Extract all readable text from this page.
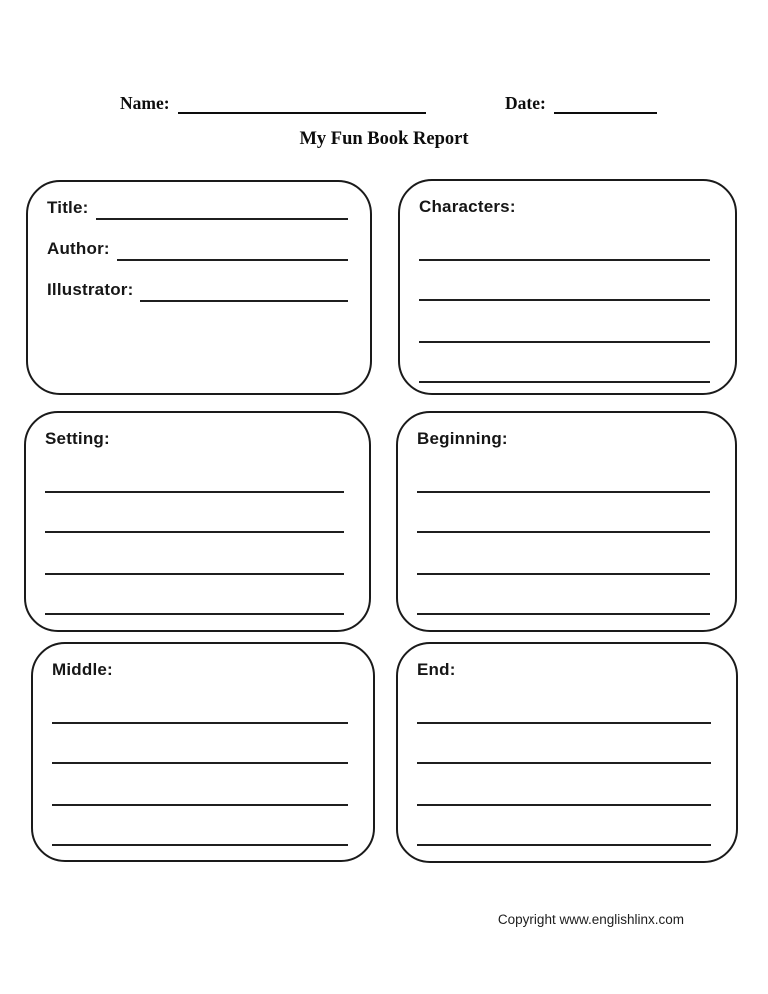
Name:	Date:
My Fun Book Report
Title:
Author:
Illustrator:
Characters:
Setting:	Beginning:
Middle:	End:
Copyright www.englishlinx.com
